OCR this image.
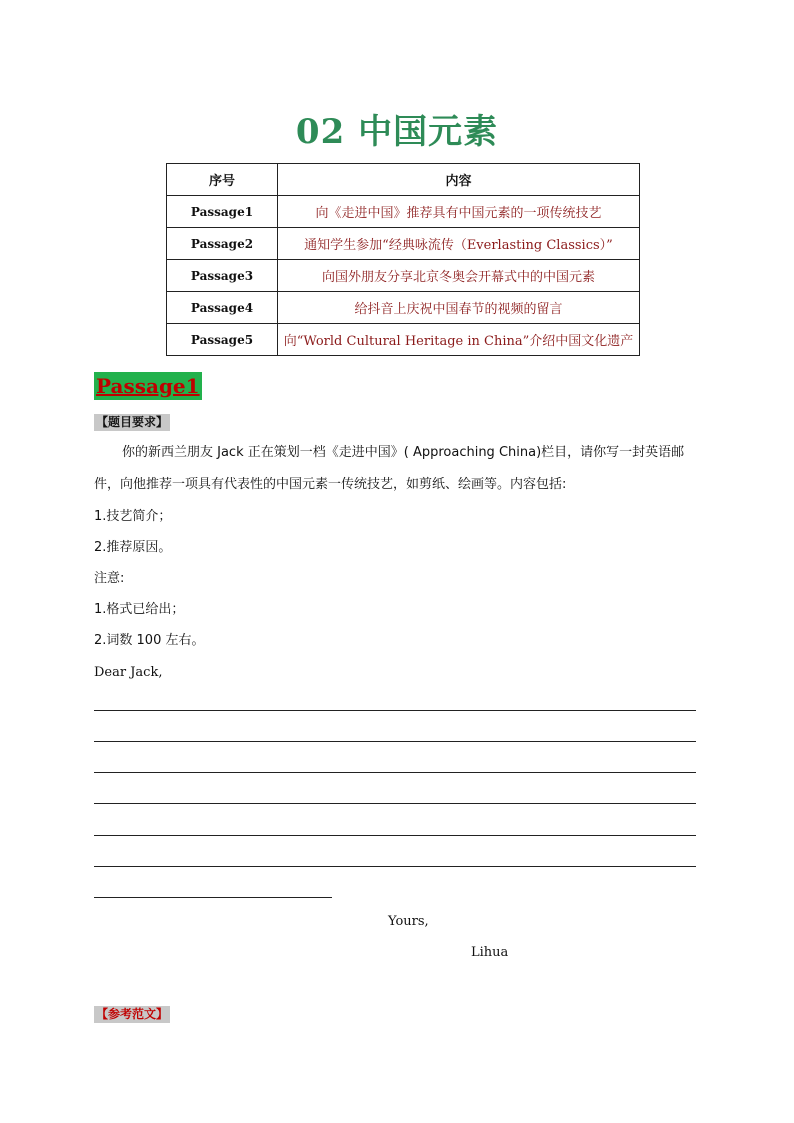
02 中国元素
序号	内容
Passage1	向《走进中国》推荐具有中国元素的一项传统技艺
Passage2	通知学生参加“经典咏流传（Everlasting Classics）”
Passage3	向国外朋友分享北京冬奥会开幕式中的中国元素
Passage4	给抖音上庆祝中国春节的视频的留言
Passage5	向“World Cultural Heritage in China”介绍中国文化遗产
Passage1
【题目要求】
你的新西兰朋友 Jack 正在策划一档《走进中国》( Approaching China)栏目，请你写一封英语邮
件，向他推荐一项具有代表性的中国元素一传统技艺，如剪纸、绘画等。内容包括:
1.技艺简介；
2.推荐原因。
注意:
1.格式已给出；
2.词数 100 左右。
Dear Jack,
Yours,
Lihua
【参考范文】
